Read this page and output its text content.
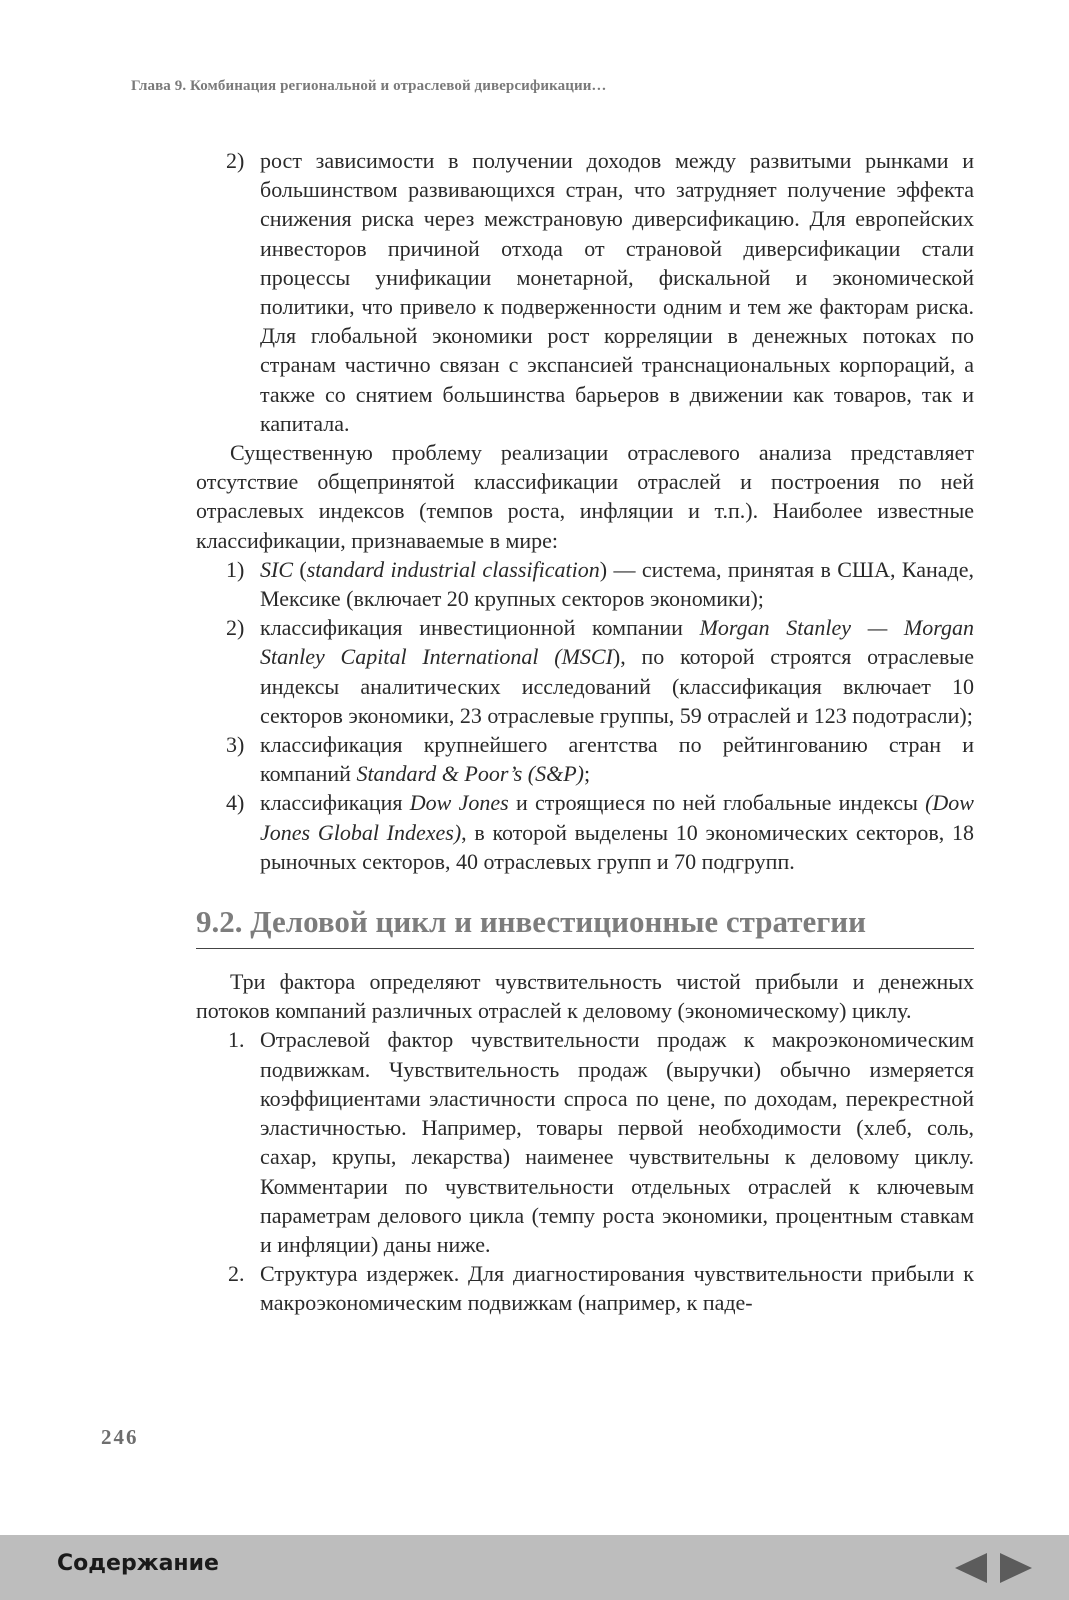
Глава 9. Комбинация региональной и отраслевой диверсификации…
2) рост зависимости в получении доходов между развитыми рынками и большинством развивающихся стран, что затрудняет получение эффекта снижения риска через межстрановую диверсификацию. Для европейских инвесторов причиной отхода от страновой диверсификации стали процессы унификации монетарной, фискальной и экономической политики, что привело к подверженности одним и тем же факторам риска. Для глобальной экономики рост корреляции в денежных потоках по странам частично связан с экспансией транснациональных корпораций, а также со снятием большинства барьеров в движении как товаров, так и капитала.
Существенную проблему реализации отраслевого анализа представляет отсутствие общепринятой классификации отраслей и построения по ней отраслевых индексов (темпов роста, инфляции и т.п.). Наиболее известные классификации, признаваемые в мире:
1) SIC (standard industrial classification) — система, принятая в США, Канаде, Мексике (включает 20 крупных секторов экономики);
2) классификация инвестиционной компании Morgan Stanley — Morgan Stanley Capital International (MSCI), по которой строятся отраслевые индексы аналитических исследований (классификация включает 10 секторов экономики, 23 отраслевые группы, 59 отраслей и 123 подотрасли);
3) классификация крупнейшего агентства по рейтингованию стран и компаний Standard & Poor’s (S&P);
4) классификация Dow Jones и строящиеся по ней глобальные индексы (Dow Jones Global Indexes), в которой выделены 10 экономических секторов, 18 рыночных секторов, 40 отраслевых групп и 70 подгрупп.
9.2. Деловой цикл и инвестиционные стратегии
Три фактора определяют чувствительность чистой прибыли и денежных потоков компаний различных отраслей к деловому (экономическому) циклу.
1. Отраслевой фактор чувствительности продаж к макроэкономическим подвижкам. Чувствительность продаж (выручки) обычно измеряется коэффициентами эластичности спроса по цене, по доходам, перекрестной эластичностью. Например, товары первой необходимости (хлеб, соль, сахар, крупы, лекарства) наименее чувствительны к деловому циклу. Комментарии по чувствительности отдельных отраслей к ключевым параметрам делового цикла (темпу роста экономики, процентным ставкам и инфляции) даны ниже.
2. Структура издержек. Для диагностирования чувствительности прибыли к макроэкономическим подвижкам (например, к паде-
246
Содержание
